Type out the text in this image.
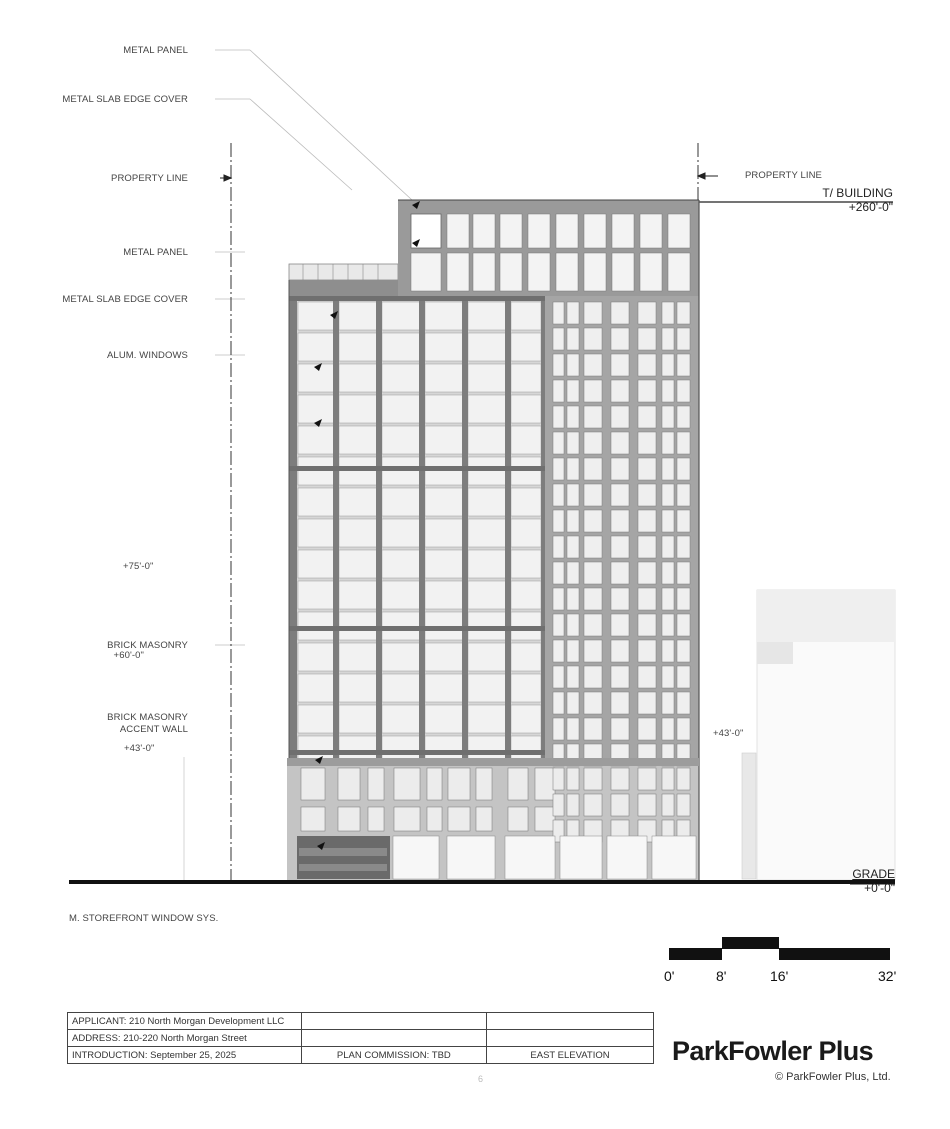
METAL PANEL
METAL SLAB EDGE COVER
PROPERTY LINE
METAL PANEL
METAL SLAB EDGE COVER
ALUM. WINDOWS
+75'-0"
BRICK MASONRY
+60'-0"
BRICK MASONRY
ACCENT WALL
+43'-0"
+43'-0"
PROPERTY LINE
M. STOREFRONT WINDOW SYS.
T/ BUILDING
+260'-0"
GRADE
+0'-0"
0'	8'	16'	32'
APPLICANT: 210 North Morgan Development LLC		
ADDRESS: 210-220 North Morgan Street		
INTRODUCTION: September 25, 2025	PLAN COMMISSION: TBD	EAST ELEVATION ParkFowler Plus
© ParkFowler Plus, Ltd.
6
